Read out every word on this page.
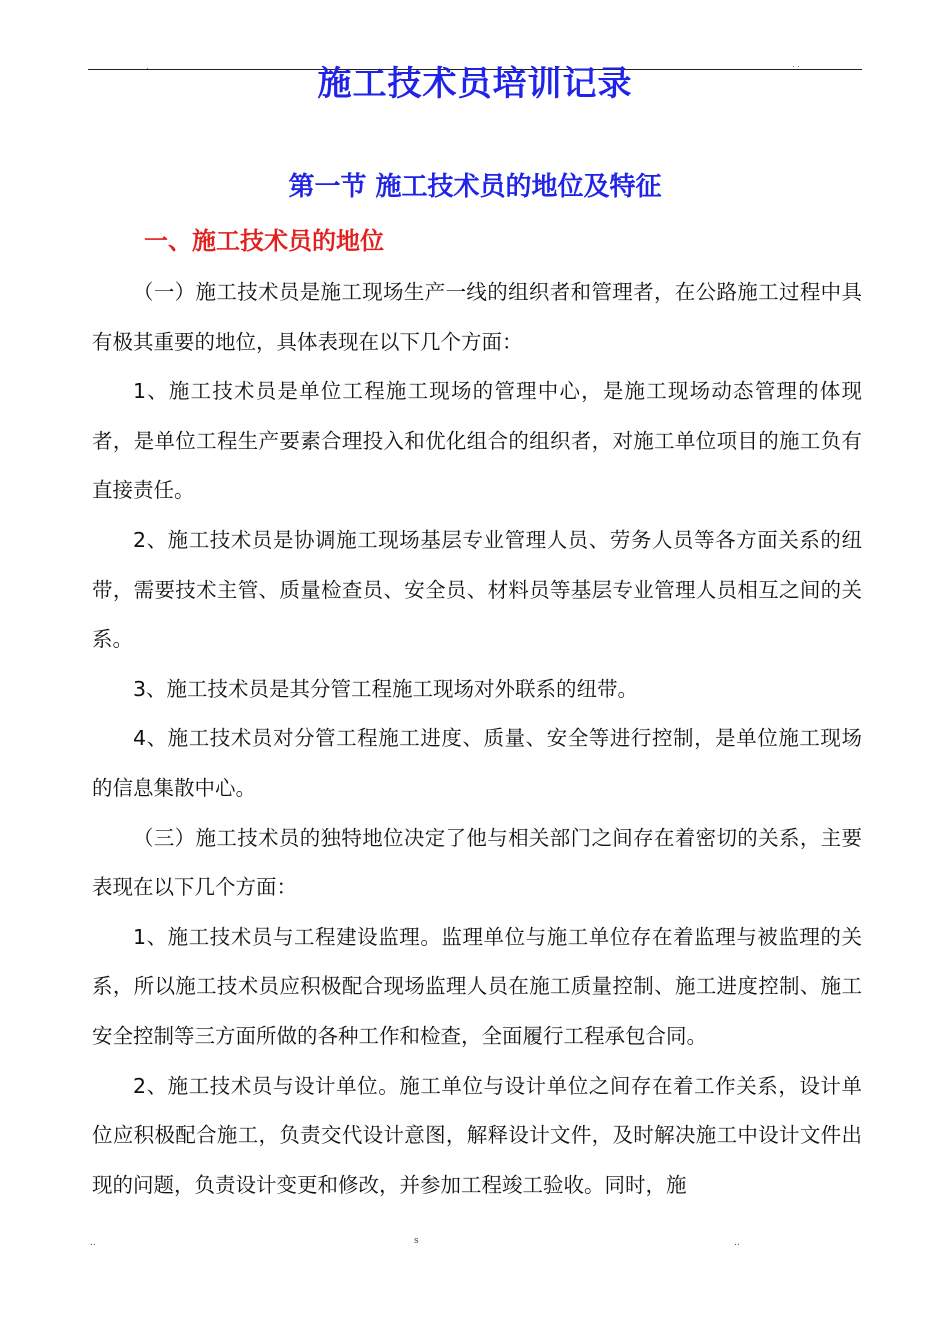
.	. .
施工技术员培训记录
第一节 施工技术员的地位及特征
一、施工技术员的地位

（一）施工技术员是施工现场生产一线的组织者和管理者，在公路施工过程中具有极其重要的地位，具体表现在以下几个方面：

1、施工技术员是单位工程施工现场的管理中心，是施工现场动态管理的体现者，是单位工程生产要素合理投入和优化组合的组织者，对施工单位项目的施工负有直接责任。

2、施工技术员是协调施工现场基层专业管理人员、劳务人员等各方面关系的纽带，需要技术主管、质量检查员、安全员、材料员等基层专业管理人员相互之间的关系。

3、施工技术员是其分管工程施工现场对外联系的纽带。

4、施工技术员对分管工程施工进度、质量、安全等进行控制，是单位施工现场的信息集散中心。

（三）施工技术员的独特地位决定了他与相关部门之间存在着密切的关系，主要表现在以下几个方面：

1、施工技术员与工程建设监理。监理单位与施工单位存在着监理与被监理的关系，所以施工技术员应积极配合现场监理人员在施工质量控制、施工进度控制、施工安全控制等三方面所做的各种工作和检查，全面履行工程承包合同。

2、施工技术员与设计单位。施工单位与设计单位之间存在着工作关系，设计单位应积极配合施工，负责交代设计意图，解释设计文件，及时解决施工中设计文件出现的问题，负责设计变更和修改，并参加工程竣工验收。同时，施

..	s	..
